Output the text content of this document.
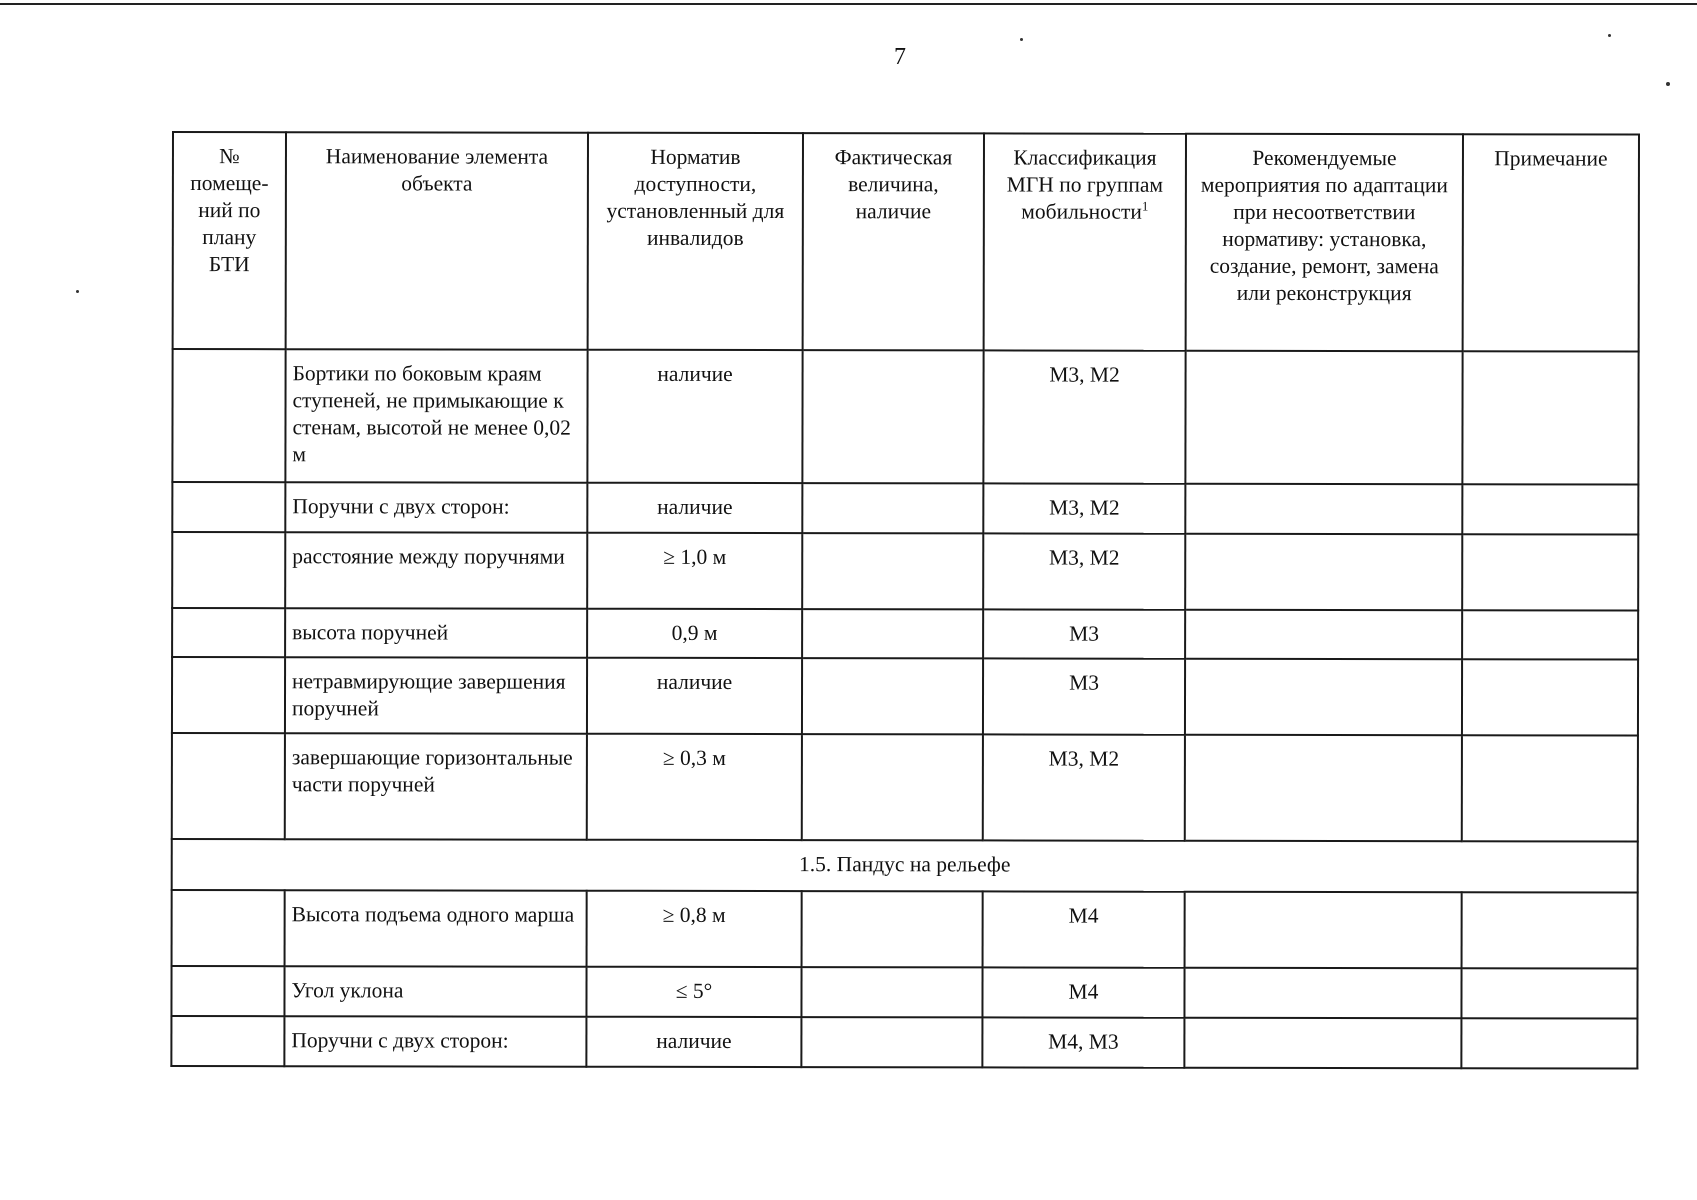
7
№ помеще-ний по плану БТИ	Наименование элемента объекта	Норматив доступности, установленный для инвалидов	Фактическая величина, наличие	Классификация МГН по группам мобильности$^1$	Рекомендуемые мероприятия по адаптации при несоответствии нормативу: установка, создание, ремонт, замена или реконструкция	Примечание
	Бортики по боковым краям ступеней, не примыкающие к стенам, высотой не менее 0,02 м	наличие		М3, М2		
	Поручни с двух сторон:	наличие		М3, М2		
	расстояние между поручнями	≥ 1,0 м		М3, М2		
	высота поручней	0,9 м		М3		
	нетравмирующие завершения поручней	наличие		М3		
	завершающие горизонтальные части поручней	≥ 0,3 м		М3, М2		
1.5. Пандус на рельефе						
	Высота подъема одного марша	≥ 0,8 м		М4		
	Угол уклона	≤ 5°		М4		
	Поручни с двух сторон:	наличие		М4, М3		
